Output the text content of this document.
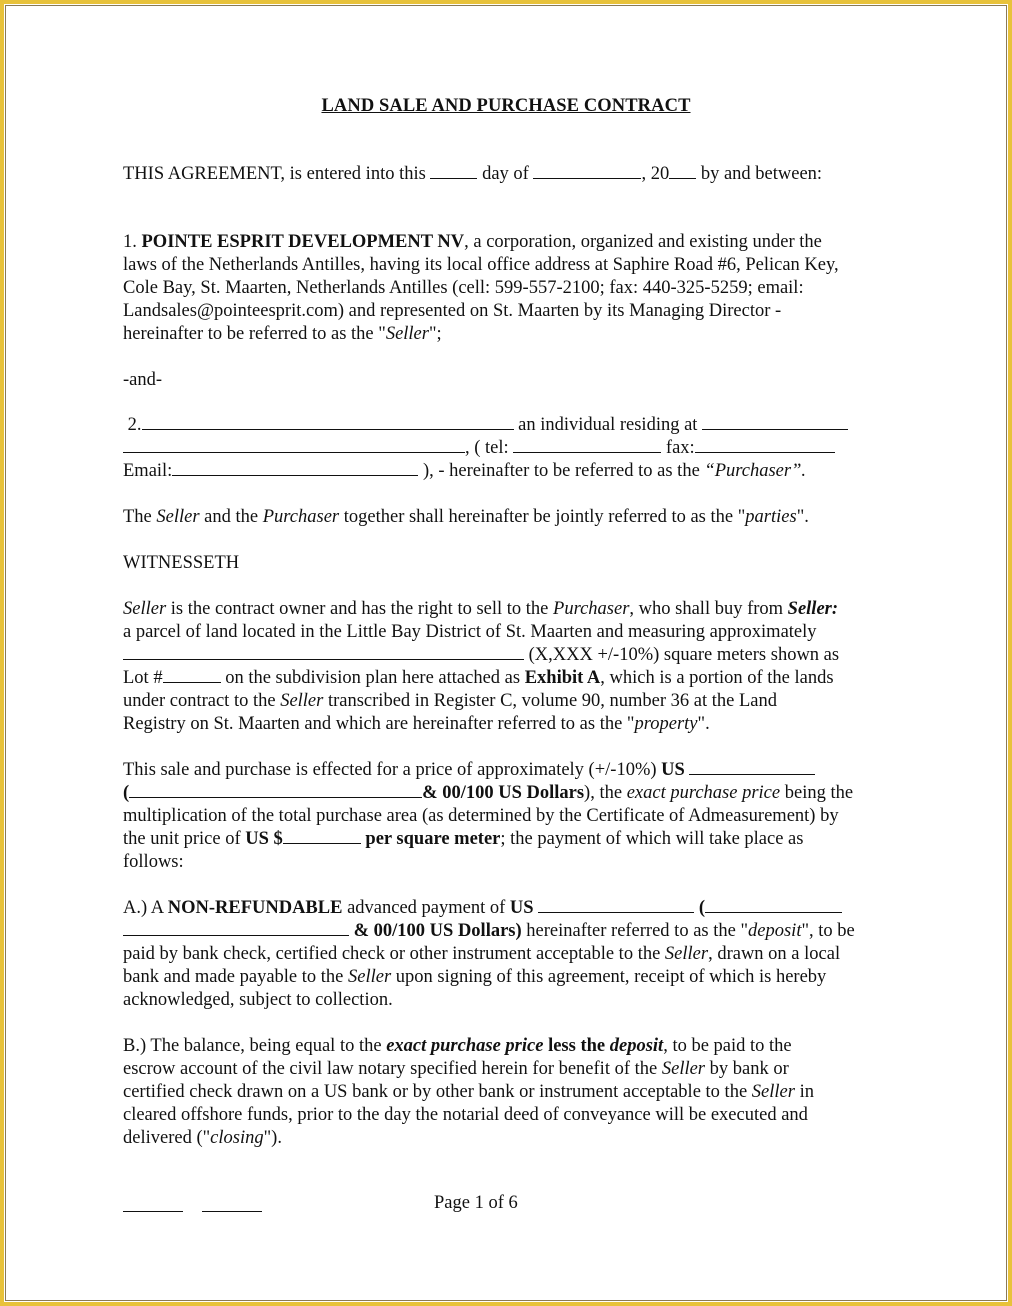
LAND SALE AND PURCHASE CONTRACT

THIS AGREEMENT, is entered into this	day of	, 20 by and between:

1. POINTE ESPRIT DEVELOPMENT NV, a corporation, organized and existing under the

laws of the Netherlands Antilles, having its local office address at Saphire Road #6, Pelican Key,

Cole Bay, St. Maarten, Netherlands Antilles (cell: 599-557-2100; fax: 440-325-5259; email:

Landsales@pointeesprit.com) and represented on St. Maarten by its Managing Director -

hereinafter to be referred to as the "Seller";

-and-

2.	an individual residing at

, ( tel:	fax:

Email:	), - hereinafter to be referred to as the “Purchaser”.

The Seller and the Purchaser together shall hereinafter be jointly referred to as the "parties".

WITNESSETH

Seller is the contract owner and has the right to sell to the Purchaser, who shall buy from Seller:

a parcel of land located in the Little Bay District of St. Maarten and measuring approximately

(X,XXX +/-10%) square meters shown as

Lot #	on the subdivision plan here attached as Exhibit A, which is a portion of the lands

under contract to the Seller transcribed in Register C, volume 90, number 36 at the Land

Registry on St. Maarten and which are hereinafter referred to as the "property".

This sale and purchase is effected for a price of approximately (+/-10%) US

(	& 00/100 US Dollars), the exact purchase price being the

multiplication of the total purchase area (as determined by the Certificate of Admeasurement) by

the unit price of US $	per square meter; the payment of which will take place as

follows:

A.) A NON-REFUNDABLE advanced payment of US	(

& 00/100 US Dollars) hereinafter referred to as the "deposit", to be

paid by bank check, certified check or other instrument acceptable to the Seller, drawn on a local

bank and made payable to the Seller upon signing of this agreement, receipt of which is hereby

acknowledged, subject to collection.

B.) The balance, being equal to the exact purchase price less the deposit, to be paid to the

escrow account of the civil law notary specified herein for benefit of the Seller by bank or

certified check drawn on a US bank or by other bank or instrument acceptable to the Seller in

cleared offshore funds, prior to the day the notarial deed of conveyance will be executed and

delivered ("closing").

Page 1 of 6
